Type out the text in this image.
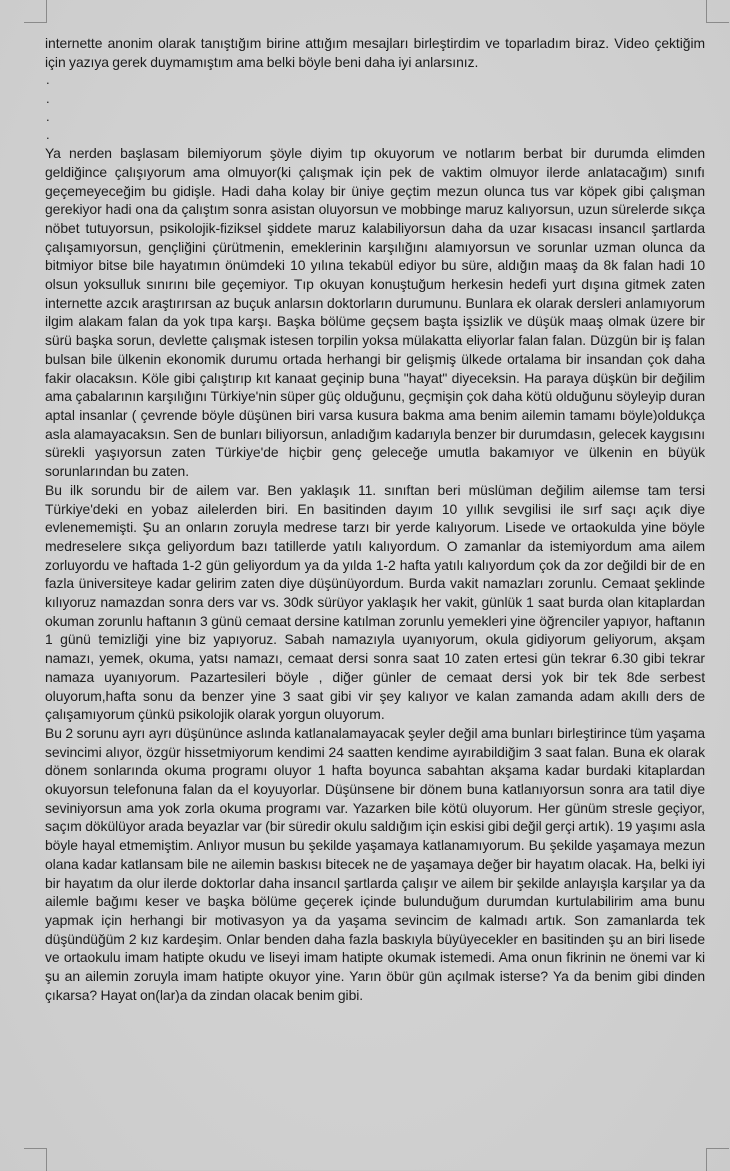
internette anonim olarak tanıştığım birine attığım mesajları birleştirdim ve toparladım biraz. Video çektiğim için yazıya gerek duymamıştım ama belki böyle beni daha iyi anlarsınız.

.
.
.
.

Ya nerden başlasam bilemiyorum şöyle diyim tıp okuyorum ve notlarım berbat bir durumda elimden geldiğince çalışıyorum ama olmuyor(ki çalışmak için pek de vaktim olmuyor ilerde anlatacağım) sınıfı geçemeyeceğim bu gidişle. Hadi daha kolay bir üniye geçtim mezun olunca tus var köpek gibi çalışman gerekiyor hadi ona da çalıştım sonra asistan oluyorsun ve mobbinge maruz kalıyorsun, uzun sürelerde sıkça nöbet tutuyorsun, psikolojik-fiziksel şiddete maruz kalabiliyorsun daha da uzar kısacası insancıl şartlarda çalışamıyorsun, gençliğini çürütmenin, emeklerinin karşılığını alamıyorsun ve sorunlar uzman olunca da bitmiyor bitse bile hayatımın önümdeki 10 yılına tekabül ediyor bu süre, aldığın maaş da 8k falan hadi 10 olsun yoksulluk sınırını bile geçemiyor. Tıp okuyan konuştuğum herkesin hedefi yurt dışına gitmek zaten internette azcık araştırırsan az buçuk anlarsın doktorların durumunu. Bunlara ek olarak dersleri anlamıyorum ilgim alakam falan da yok tıpa karşı. Başka bölüme geçsem başta işsizlik ve düşük maaş olmak üzere bir sürü başka sorun, devlette çalışmak istesen torpilin yoksa mülakatta eliyorlar falan falan. Düzgün bir iş falan bulsan bile ülkenin ekonomik durumu ortada herhangi bir gelişmiş ülkede ortalama bir insandan çok daha fakir olacaksın. Köle gibi çalıştırıp kıt kanaat geçinip buna "hayat" diyeceksin. Ha paraya düşkün bir değilim ama çabalarının karşılığını Türkiye'nin süper güç olduğunu, geçmişin çok daha kötü olduğunu söyleyip duran aptal insanlar ( çevrende böyle düşünen biri varsa kusura bakma ama benim ailemin tamamı böyle)oldukça asla alamayacaksın. Sen de bunları biliyorsun, anladığım kadarıyla benzer bir durumdasın, gelecek kaygısını sürekli yaşıyorsun zaten Türkiye'de hiçbir genç geleceğe umutla bakamıyor ve ülkenin en büyük sorunlarından bu zaten.

Bu ilk sorundu bir de ailem var. Ben yaklaşık 11. sınıftan beri müslüman değilim ailemse tam tersi Türkiye'deki en yobaz ailelerden biri. En basitinden dayım 10 yıllık sevgilisi ile sırf saçı açık diye evlenememişti. Şu an onların zoruyla medrese tarzı bir yerde kalıyorum. Lisede ve ortaokulda yine böyle medreselere sıkça geliyordum bazı tatillerde yatılı kalıyordum. O zamanlar da istemiyordum ama ailem zorluyordu ve haftada 1-2 gün geliyordum ya da yılda 1-2 hafta yatılı kalıyordum çok da zor değildi bir de en fazla üniversiteye kadar gelirim zaten diye düşünüyordum. Burda vakit namazları zorunlu. Cemaat şeklinde kılıyoruz namazdan sonra ders var vs. 30dk sürüyor yaklaşık her vakit, günlük 1 saat burda olan kitaplardan okuman zorunlu haftanın 3 günü cemaat dersine katılman zorunlu yemekleri yine öğrenciler yapıyor, haftanın 1 günü temizliği yine biz yapıyoruz. Sabah namazıyla uyanıyorum, okula gidiyorum geliyorum, akşam namazı, yemek, okuma, yatsı namazı, cemaat dersi sonra saat 10 zaten ertesi gün tekrar 6.30 gibi tekrar namaza uyanıyorum. Pazartesileri böyle , diğer günler de cemaat dersi yok bir tek 8de serbest oluyorum,hafta sonu da benzer yine 3 saat gibi vir şey kalıyor ve kalan zamanda adam akıllı ders de çalışamıyorum çünkü psikolojik olarak yorgun oluyorum.

Bu 2 sorunu ayrı ayrı düşününce aslında katlanalamayacak şeyler değil ama bunları birleştirince tüm yaşama sevincimi alıyor, özgür hissetmiyorum kendimi 24 saatten kendime ayırabildiğim 3 saat falan. Buna ek olarak dönem sonlarında okuma programı oluyor 1 hafta boyunca sabahtan akşama kadar burdaki kitaplardan okuyorsun telefonuna falan da el koyuyorlar. Düşünsene bir dönem buna katlanıyorsun sonra ara tatil diye seviniyorsun ama yok zorla okuma programı var. Yazarken bile kötü oluyorum. Her günüm stresle geçiyor, saçım dökülüyor arada beyazlar var (bir süredir okulu saldığım için eskisi gibi değil gerçi artık). 19 yaşımı asla böyle hayal etmemiştim. Anlıyor musun bu şekilde yaşamaya katlanamıyorum. Bu şekilde yaşamaya mezun olana kadar katlansam bile ne ailemin baskısı bitecek ne de yaşamaya değer bir hayatım olacak. Ha, belki iyi bir hayatım da olur ilerde doktorlar daha insancıl şartlarda çalışır ve ailem bir şekilde anlayışla karşılar ya da ailemle bağımı keser ve başka bölüme geçerek içinde bulunduğum durumdan kurtulabilirim ama bunu yapmak için herhangi bir motivasyon ya da yaşama sevincim de kalmadı artık. Son zamanlarda tek düşündüğüm 2 kız kardeşim. Onlar benden daha fazla baskıyla büyüyecekler en basitinden şu an biri lisede ve ortaokulu imam hatipte okudu ve liseyi imam hatipte okumak istemedi. Ama onun fikrinin ne önemi var ki şu an ailemin zoruyla imam hatipte okuyor yine. Yarın öbür gün açılmak isterse? Ya da benim gibi dinden çıkarsa? Hayat on(lar)a da zindan olacak benim gibi.
